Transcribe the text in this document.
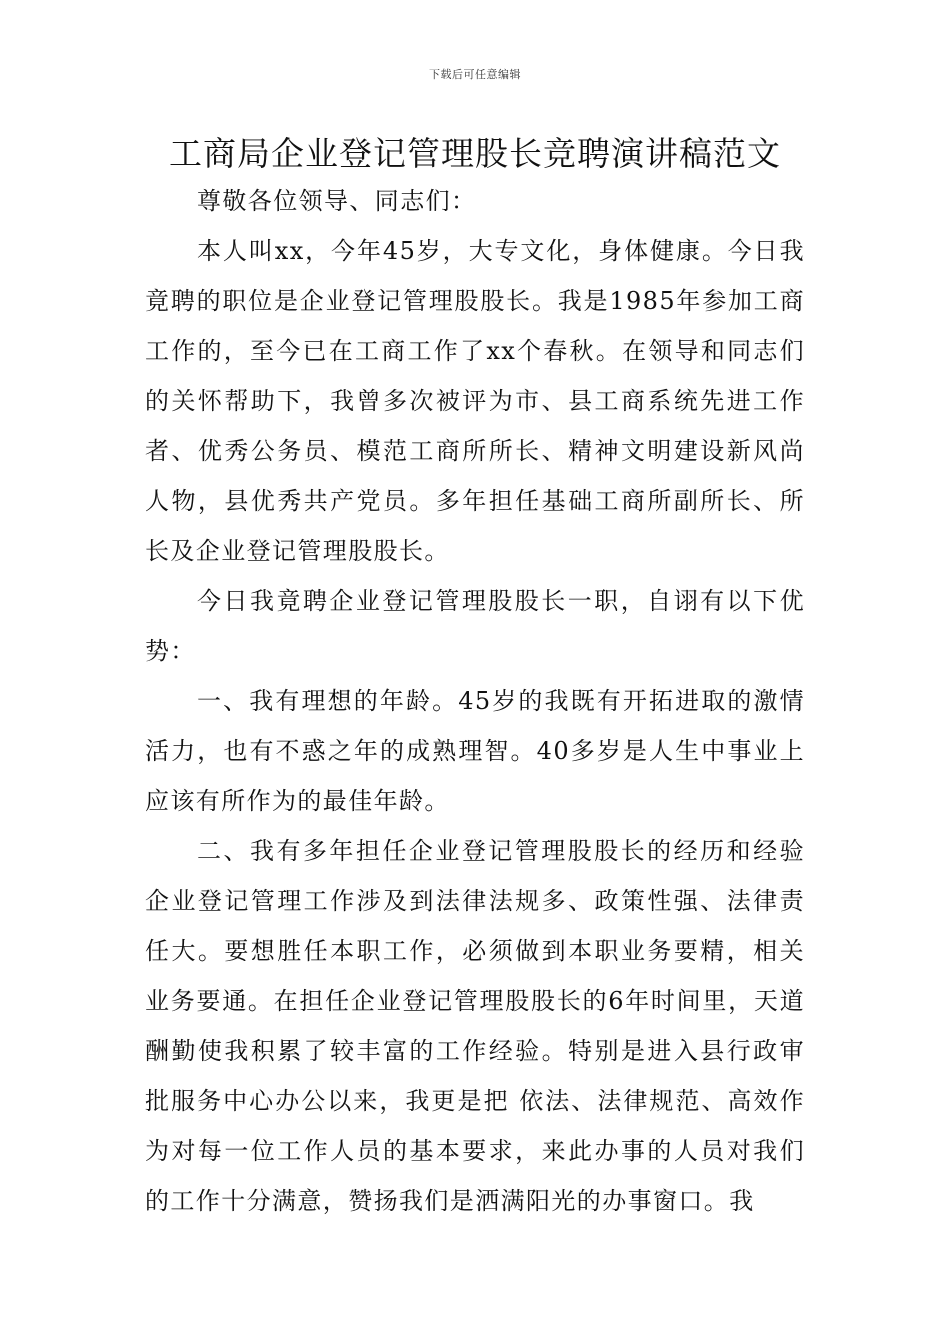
下载后可任意编辑
工商局企业登记管理股长竞聘演讲稿范文

尊敬各位领导、同志们：

本人叫xx，今年45岁，大专文化，身体健康。今日我竟聘的职位是企业登记管理股股长。我是1985年参加工商工作的，至今已在工商工作了xx个春秋。在领导和同志们的关怀帮助下，我曾多次被评为市、县工商系统先进工作者、优秀公务员、模范工商所所长、精神文明建设新风尚人物，县优秀共产党员。多年担任基础工商所副所长、所长及企业登记管理股股长。

今日我竟聘企业登记管理股股长一职，自诩有以下优势：

一、我有理想的年龄。45岁的我既有开拓进取的激情活力，也有不惑之年的成熟理智。40多岁是人生中事业上应该有所作为的最佳年龄。

二、我有多年担任企业登记管理股股长的经历和经验企业登记管理工作涉及到法律法规多、政策性强、法律责任大。要想胜任本职工作，必须做到本职业务要精，相关业务要通。在担任企业登记管理股股长的6年时间里，天道酬勤使我积累了较丰富的工作经验。特别是进入县行政审批服务中心办公以来，我更是把 依法、法律规范、高效作为对每一位工作人员的基本要求，来此办事的人员对我们的工作十分满意，赞扬我们是洒满阳光的办事窗口。我
